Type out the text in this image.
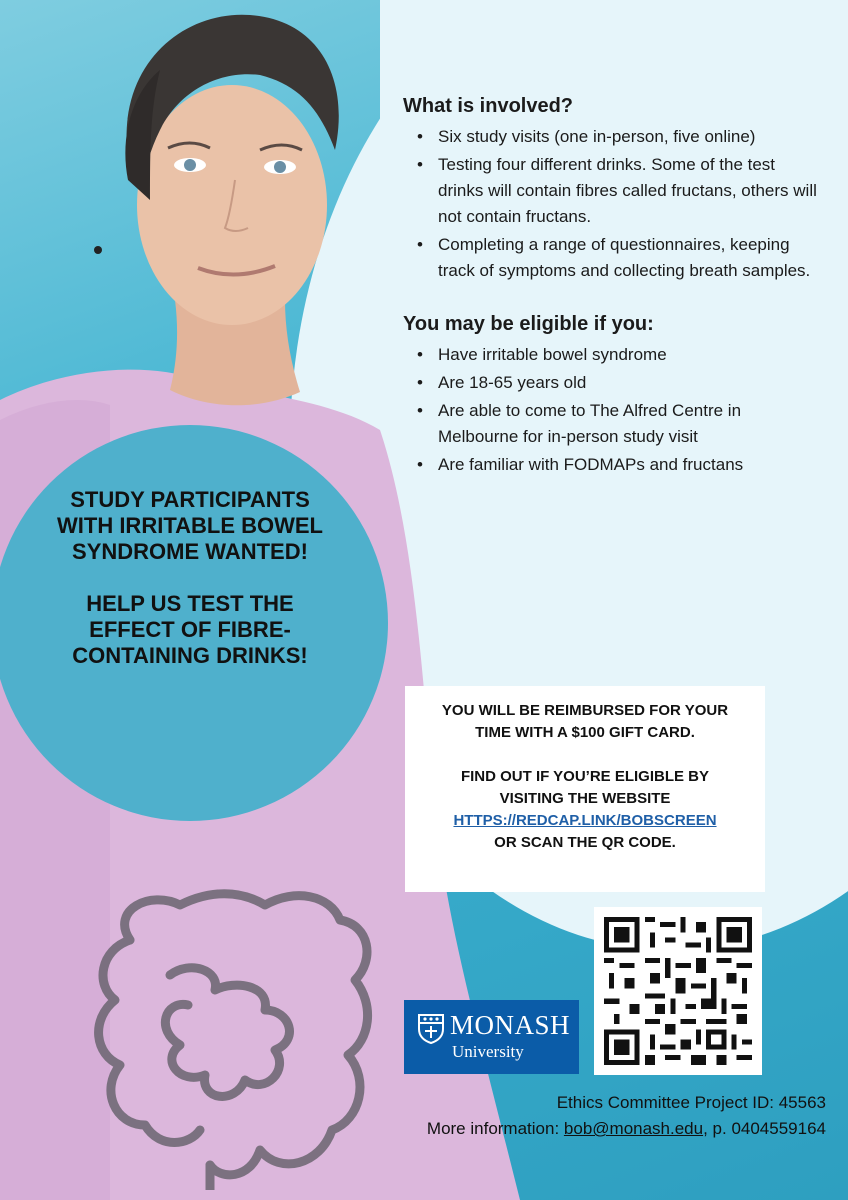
What is involved?
• Six study visits (one in-person, five online)
• Testing four different drinks. Some of the test drinks will contain fibres called fructans, others will not contain fructans.
• Completing a range of questionnaires, keeping track of symptoms and collecting breath samples.
You may be eligible if you:
• Have irritable bowel syndrome
• Are 18-65 years old
• Are able to come to The Alfred Centre in Melbourne for in-person study visit
• Are familiar with FODMAPs and fructans

STUDY PARTICIPANTS WITH IRRITABLE BOWEL SYNDROME WANTED!

HELP US TEST THE EFFECT OF FIBRE-CONTAINING DRINKS!

YOU WILL BE REIMBURSED FOR YOUR TIME WITH A $100 GIFT CARD.
FIND OUT IF YOU’RE ELIGIBLE BY VISITING THE WEBSITE
HTTPS://REDCAP.LINK/BOBSCREEN
OR SCAN THE QR CODE.
MONASH
University
Ethics Committee Project ID: 45563
More information: bob@monash.edu, p. 0404559164
